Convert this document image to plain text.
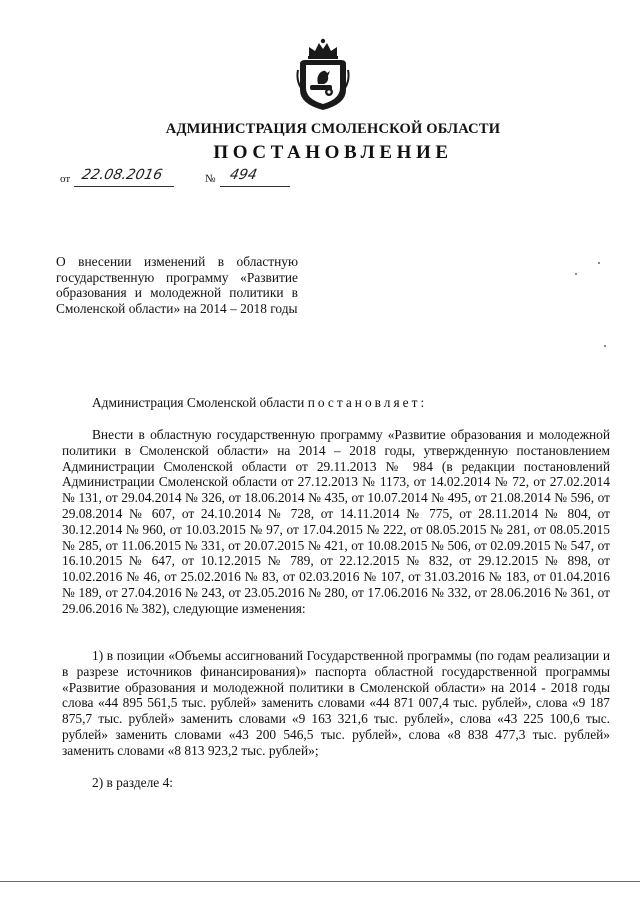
АДМИНИСТРАЦИЯ СМОЛЕНСКОЙ ОБЛАСТИ
ПОСТАНОВЛЕНИЕ
от 22.08.2016	№ 494
О внесении изменений в областную государственную программу «Развитие образования и молодежной политики в Смоленской области» на 2014 – 2018 годы
Администрация Смоленской области постановляет:
Внести в областную государственную программу «Развитие образования и молодежной политики в Смоленской области» на 2014 – 2018 годы, утвержденную постановлением Администрации Смоленской области от 29.11.2013 № 984 (в редакции постановлений Администрации Смоленской области от 27.12.2013 № 1173, от 14.02.2014 № 72, от 27.02.2014 № 131, от 29.04.2014 № 326, от 18.06.2014 № 435, от 10.07.2014 № 495, от 21.08.2014 № 596, от 29.08.2014 № 607, от 24.10.2014 № 728, от 14.11.2014 № 775, от 28.11.2014 № 804, от 30.12.2014 № 960, от 10.03.2015 № 97, от 17.04.2015 № 222, от 08.05.2015 № 281, от 08.05.2015 № 285, от 11.06.2015 № 331, от 20.07.2015 № 421, от 10.08.2015 № 506, от 02.09.2015 № 547, от 16.10.2015 № 647, от 10.12.2015 № 789, от 22.12.2015 № 832, от 29.12.2015 № 898, от 10.02.2016 № 46, от 25.02.2016 № 83, от 02.03.2016 № 107, от 31.03.2016 № 183, от 01.04.2016 № 189, от 27.04.2016 № 243, от 23.05.2016 № 280, от 17.06.2016 № 332, от 28.06.2016 № 361, от 29.06.2016 № 382), следующие изменения:
1) в позиции «Объемы ассигнований Государственной программы (по годам реализации и в разрезе источников финансирования)» паспорта областной государственной программы «Развитие образования и молодежной политики в Смоленской области» на 2014 - 2018 годы слова «44 895 561,5 тыс. рублей» заменить словами «44 871 007,4 тыс. рублей», слова «9 187 875,7 тыс. рублей» заменить словами «9 163 321,6 тыс. рублей», слова «43 225 100,6 тыс. рублей» заменить словами «43 200 546,5 тыс. рублей», слова «8 838 477,3 тыс. рублей» заменить словами «8 813 923,2 тыс. рублей»;
2) в разделе 4:
